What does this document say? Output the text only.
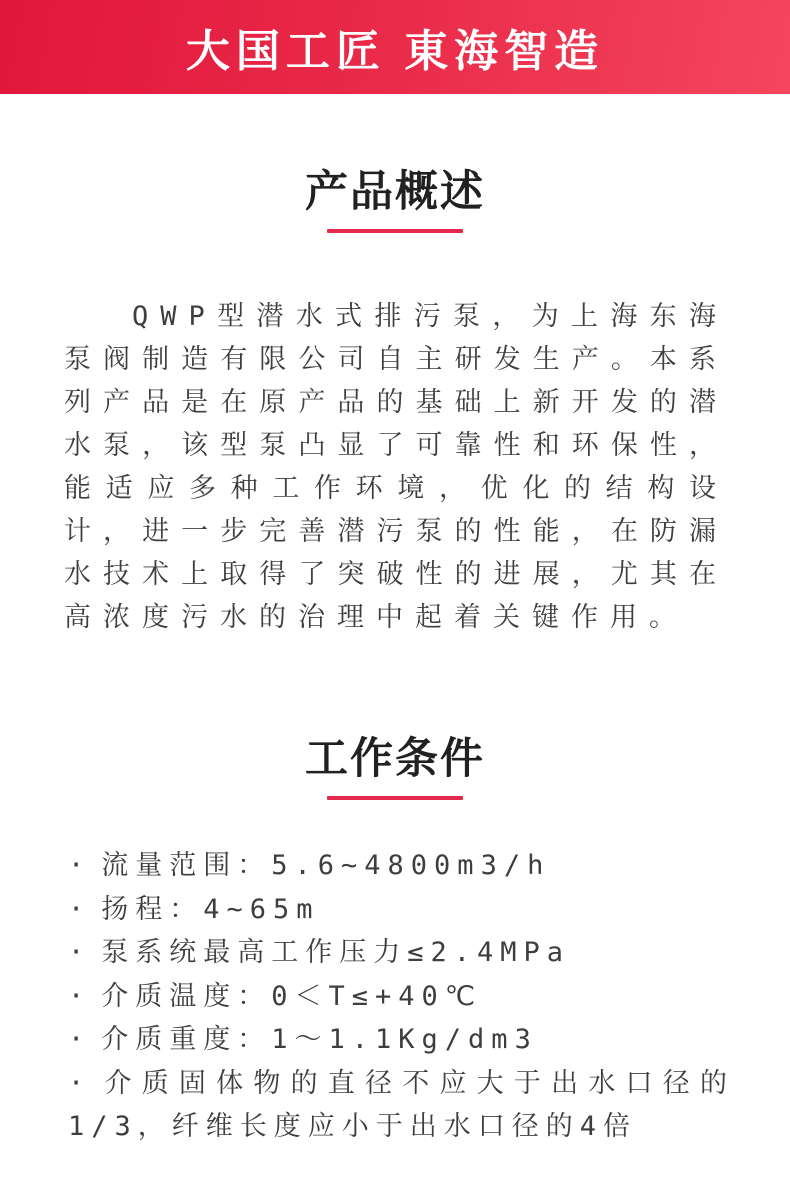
大国工匠 東海智造
产品概述

QWP型潜水式排污泵，为上海东海泵阀制造有限公司自主研发生产。本系列产品是在原产品的基础上新开发的潜水泵，该型泵凸显了可靠性和环保性，能适应多种工作环境，优化的结构设计，进一步完善潜污泵的性能，在防漏水技术上取得了突破性的进展，尤其在高浓度污水的治理中起着关键作用。

工作条件
· 流量范围：5.6~4800m3/h
· 扬程：4~65m
· 泵系统最高工作压力≤2.4MPa
· 介质温度：0＜T≤+40℃
· 介质重度：1～1.1Kg/dm3
· 介质固体物的直径不应大于出水口径的1/3，纤维长度应小于出水口径的4倍
